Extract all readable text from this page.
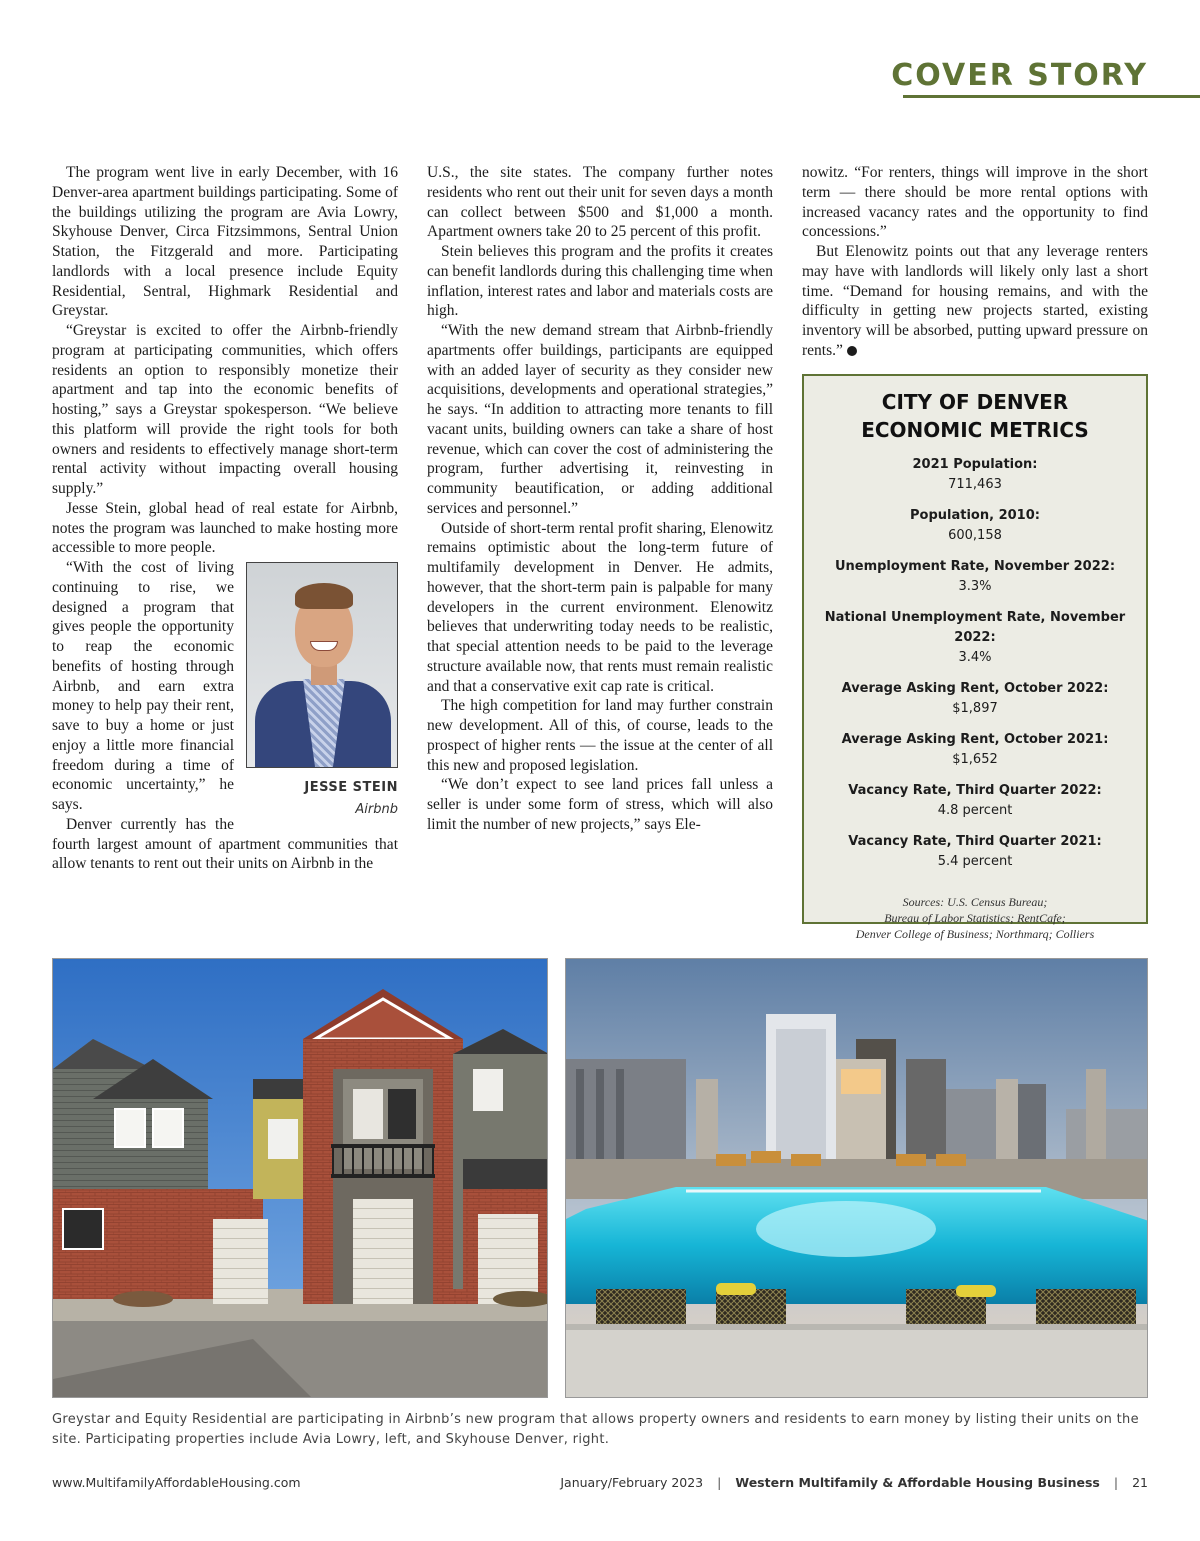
COVER STORY

The program went live in early December, with 16 Denver-area apartment buildings participating. Some of the buildings utilizing the program are Avia Lowry, Skyhouse Denver, Circa Fitzsimmons, Sentral Union Station, the Fitzgerald and more. Participating landlords with a local presence include Equity Residential, Sentral, Highmark Residential and Greystar.

“Greystar is excited to offer the Airbnb-friendly program at participating communities, which offers residents an option to responsibly monetize their apartment and tap into the economic benefits of hosting,” says a Greystar spokesperson. “We believe this platform will provide the right tools for both owners and residents to effectively manage short-term rental activity without impacting overall housing supply.”

Jesse Stein, global head of real estate for Airbnb, notes the program was launched to make hosting more accessible to more people.

JESSE STEIN
Airbnb

“With the cost of living continuing to rise, we designed a program that gives people the opportunity to reap the economic benefits of hosting through Airbnb, and earn extra money to help pay their rent, save to buy a home or just enjoy a little more financial freedom during a time of economic uncertainty,” he says.

Denver currently has the fourth largest amount of apartment communities that allow tenants to rent out their units on Airbnb in the

U.S., the site states. The company further notes residents who rent out their unit for seven days a month can collect between $500 and $1,000 a month. Apartment owners take 20 to 25 percent of this profit.

Stein believes this program and the profits it creates can benefit landlords during this challenging time when inflation, interest rates and labor and materials costs are high.

“With the new demand stream that Airbnb-friendly apartments offer buildings, participants are equipped with an added layer of security as they consider new acquisitions, developments and operational strategies,” he says. “In addition to attracting more tenants to fill vacant units, building owners can take a share of host revenue, which can cover the cost of administering the program, further advertising it, reinvesting in community beautification, or adding additional services and personnel.”

Outside of short-term rental profit sharing, Elenowitz remains optimistic about the long-term future of multifamily development in Denver. He admits, however, that the short-term pain is palpable for many developers in the current environment. Elenowitz believes that underwriting today needs to be realistic, that special attention needs to be paid to the leverage structure available now, that rents must remain realistic and that a conservative exit cap rate is critical.

The high competition for land may further constrain new development. All of this, of course, leads to the prospect of higher rents — the issue at the center of all this new and proposed legislation.

“We don’t expect to see land prices fall unless a seller is under some form of stress, which will also limit the number of new projects,” says Ele-

nowitz. “For renters, things will improve in the short term — there should be more rental options with increased vacancy rates and the opportunity to find concessions.”

But Elenowitz points out that any leverage renters may have with landlords will likely only last a short time. “Demand for housing remains, and with the difficulty in getting new projects started, existing inventory will be absorbed, putting upward pressure on rents.”

CITY OF DENVER
ECONOMIC METRICS
2021 Population:
711,463
Population, 2010:
600,158
Unemployment Rate, November 2022:
3.3%
National Unemployment Rate, November 2022:
3.4%
Average Asking Rent, October 2022:
$1,897
Average Asking Rent, October 2021:
$1,652
Vacancy Rate, Third Quarter 2022:
4.8 percent
Vacancy Rate, Third Quarter 2021:
5.4 percent
Sources: U.S. Census Bureau;
Bureau of Labor Statistics; RentCafe;
Denver College of Business; Northmarq; Colliers
Greystar and Equity Residential are participating in Airbnb’s new program that allows property owners and residents to earn money by listing their units on the site. Participating properties include Avia Lowry, left, and Skyhouse Denver, right.
www.MultifamilyAffordableHousing.com	January/February 2023 | Western Multifamily & Affordable Housing Business | 21
